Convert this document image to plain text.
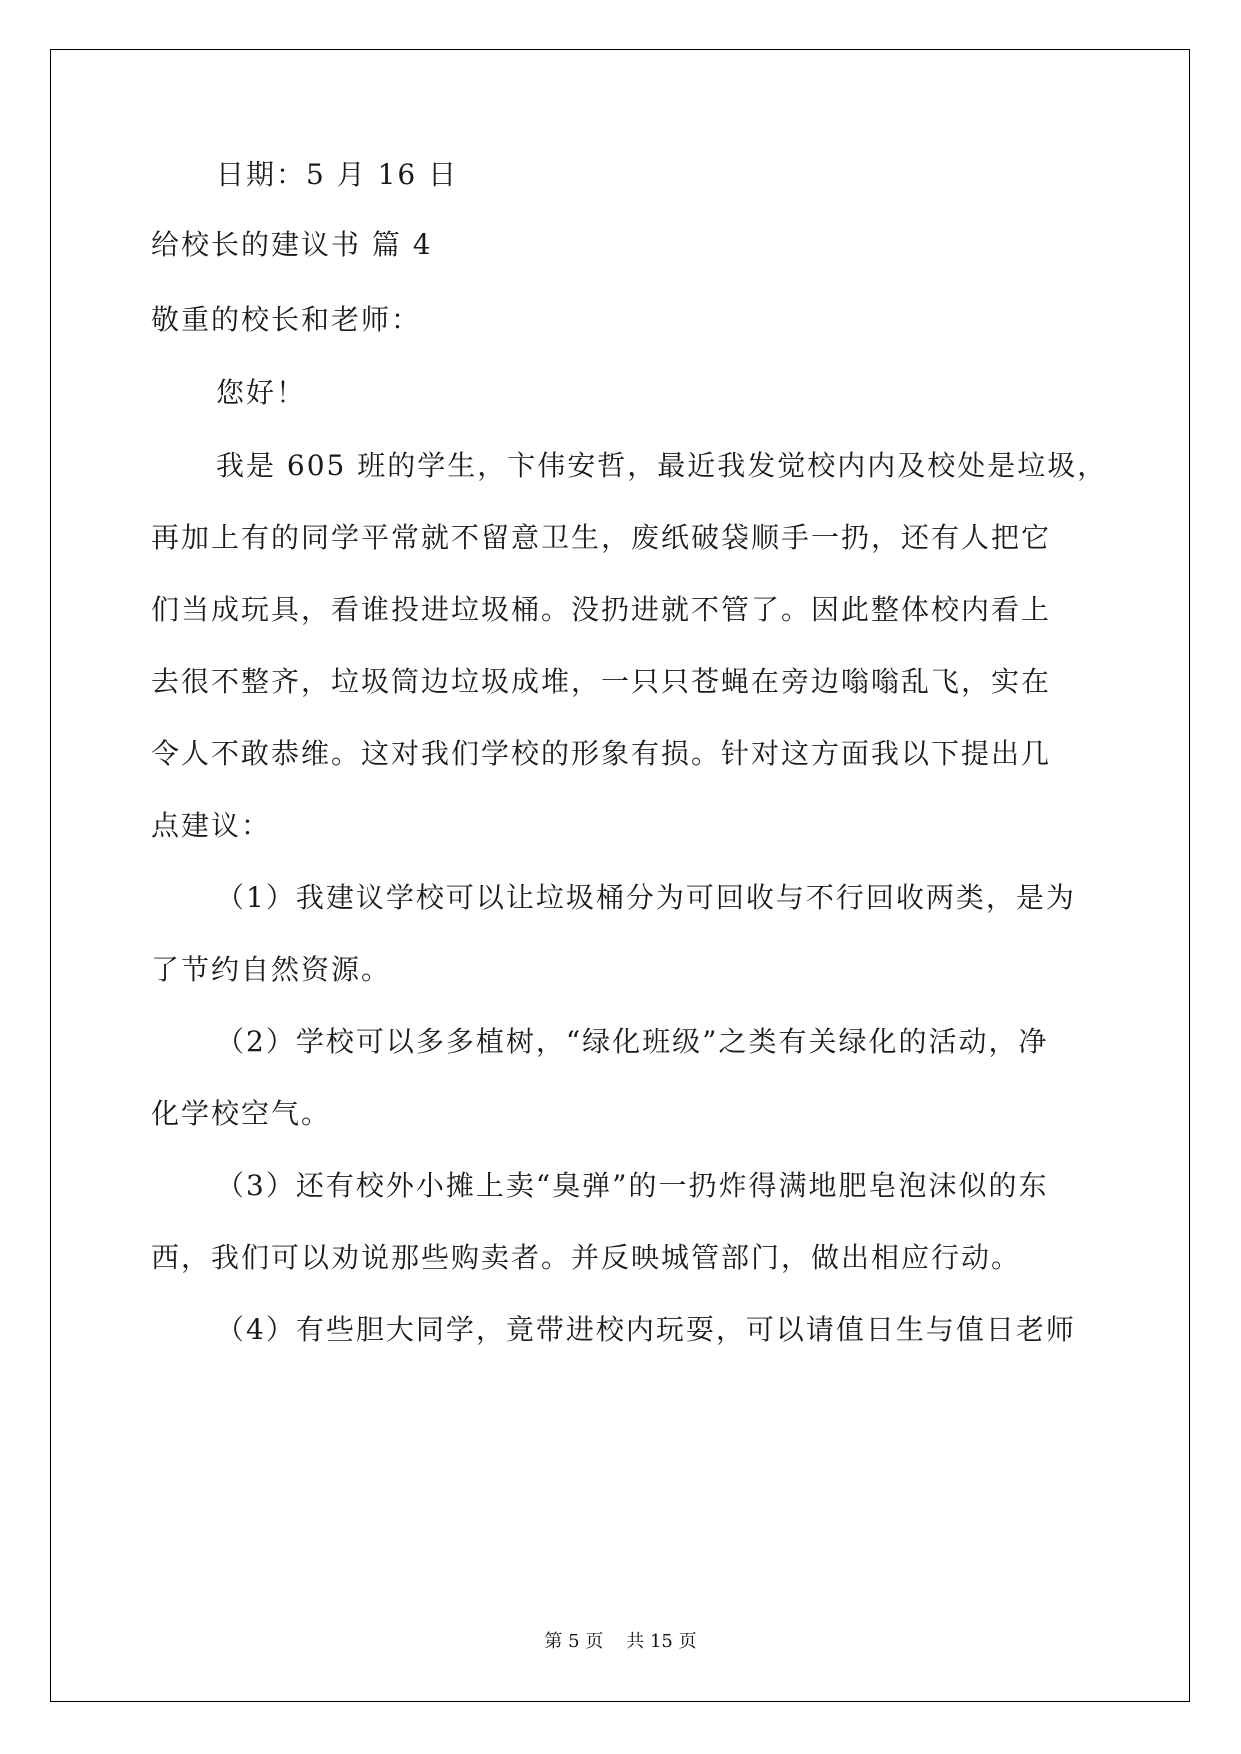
日期：5 月 16 日
给校长的建议书 篇 4
敬重的校长和老师：
您好！
我是 605 班的学生，卞伟安哲，最近我发觉校内内及校处是垃圾，
再加上有的同学平常就不留意卫生，废纸破袋顺手一扔，还有人把它
们当成玩具，看谁投进垃圾桶。没扔进就不管了。因此整体校内看上
去很不整齐，垃圾筒边垃圾成堆，一只只苍蝇在旁边嗡嗡乱飞，实在
令人不敢恭维。这对我们学校的形象有损。针对这方面我以下提出几
点建议：
（1）我建议学校可以让垃圾桶分为可回收与不行回收两类，是为
了节约自然资源。
（2）学校可以多多植树，“绿化班级”之类有关绿化的活动，净
化学校空气。
（3）还有校外小摊上卖“臭弹”的一扔炸得满地肥皂泡沫似的东
西，我们可以劝说那些购卖者。并反映城管部门，做出相应行动。
（4）有些胆大同学，竟带进校内玩耍，可以请值日生与值日老师
第 5 页 共 15 页
